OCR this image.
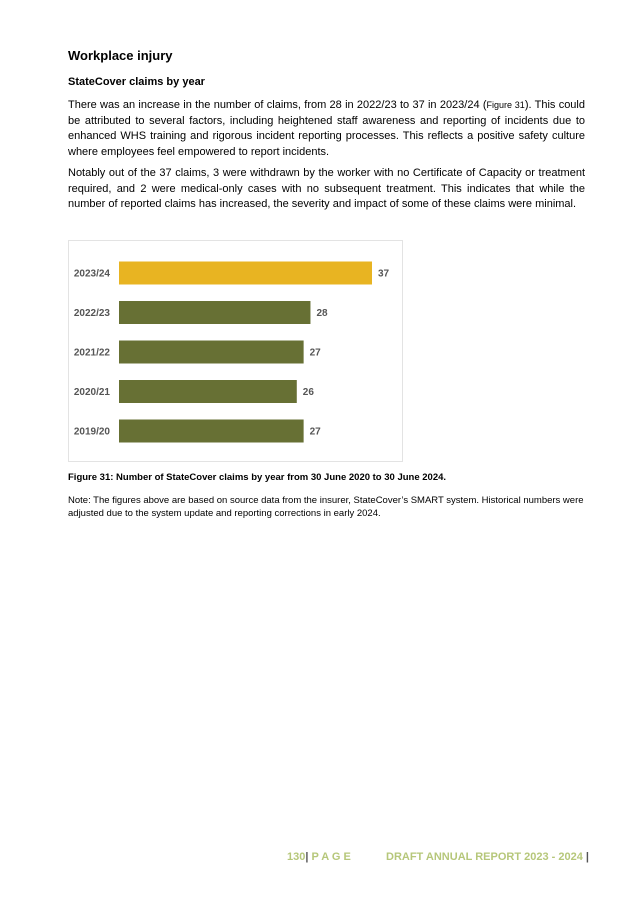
Workplace injury
StateCover claims by year

There was an increase in the number of claims, from 28 in 2022/23 to 37 in 2023/24 (Figure 31). This could be attributed to several factors, including heightened staff awareness and reporting of incidents due to enhanced WHS training and rigorous incident reporting processes. This reflects a positive safety culture where employees feel empowered to report incidents.

Notably out of the 37 claims, 3 were withdrawn by the worker with no Certificate of Capacity or treatment required, and 2 were medical-only cases with no subsequent treatment. This indicates that while the number of reported claims has increased, the severity and impact of some of these claims were minimal.

2023/24	37
2022/23	28
2021/22	27
2020/21	26
2019/20	27
Figure 31: Number of StateCover claims by year from 30 June 2020 to 30 June 2024.

Note: The figures above are based on source data from the insurer, StateCover’s SMART system. Historical numbers were adjusted due to the system update and reporting corrections in early 2024.

130| P A G E	DRAFT ANNUAL REPORT 2023 - 2024 |
